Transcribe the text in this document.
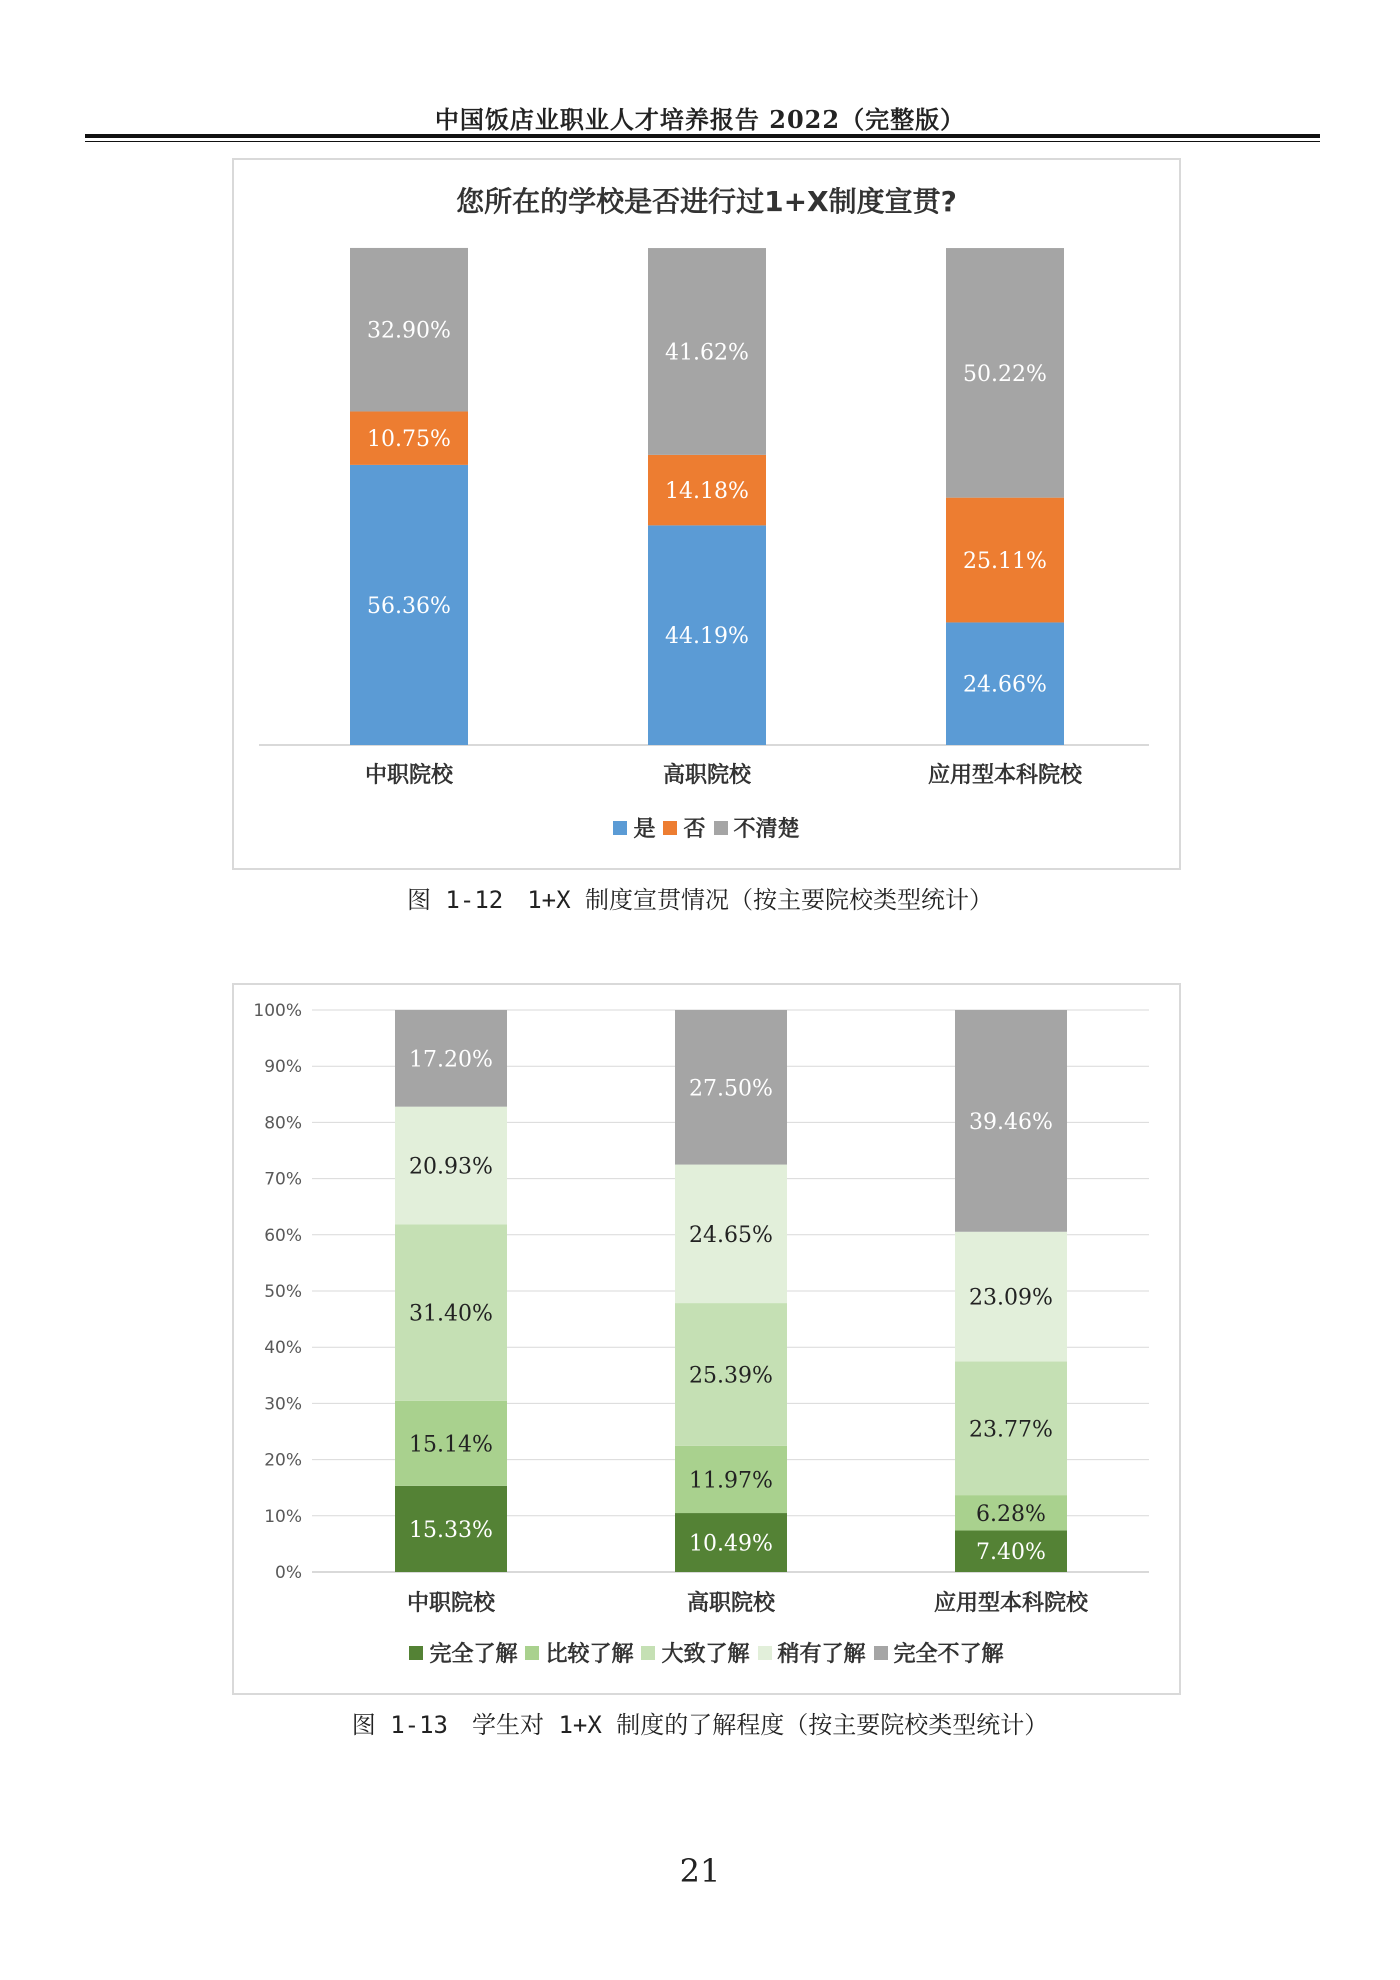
中国饭店业职业人才培养报告 2022（完整版）
您所在的学校是否进行过1+X制度宣贯?
56.36%
10.75%
32.90%
中职院校
44.19%
14.18%
41.62%
高职院校
24.66%
25.11%
50.22%
应用型本科院校
是 否 不清楚
图 1-12　1+X 制度宣贯情况（按主要院校类型统计）
0%
10%
20%
30%
40%
50%
60%
70%
80%
90%
100%
15.33%
15.14%
31.40%
20.93%
17.20%
中职院校
10.49%
11.97%
25.39%
24.65%
27.50%
高职院校
7.40%
6.28%
23.77%
23.09%
39.46%
应用型本科院校
完全了解 比较了解 大致了解 稍有了解 完全不了解
图 1-13　学生对 1+X 制度的了解程度（按主要院校类型统计）
21
